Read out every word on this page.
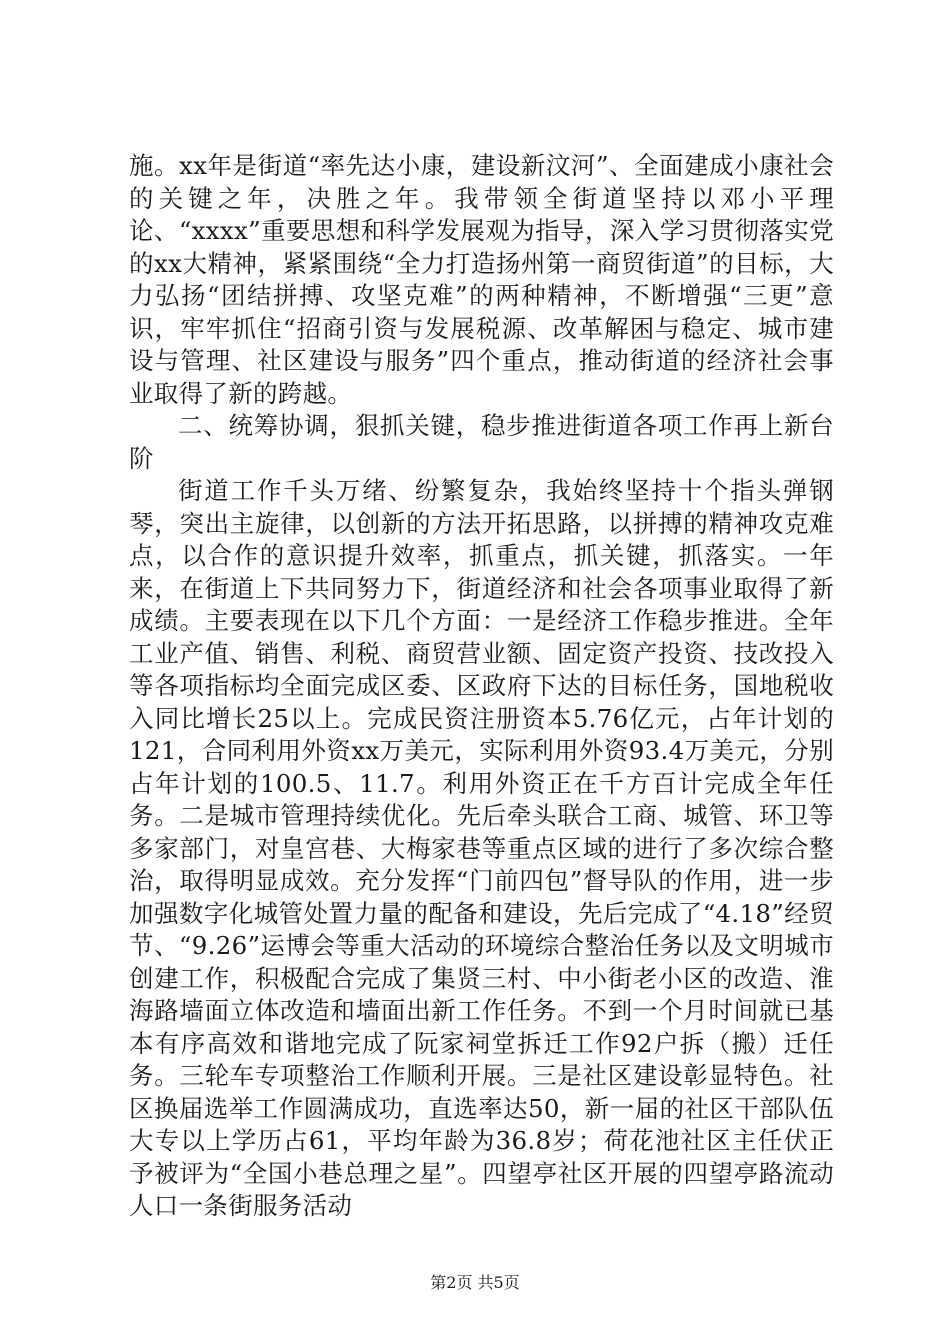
施。xx年是街道“率先达小康，建设新汶河”、全面建成小康社会的关键之年，决胜之年。我带领全街道坚持以邓小平理论、“xxxx”重要思想和科学发展观为指导，深入学习贯彻落实党的xx大精神，紧紧围绕“全力打造扬州第一商贸街道”的目标，大力弘扬“团结拼搏、攻坚克难”的两种精神，不断增强“三更”意识，牢牢抓住“招商引资与发展税源、改革解困与稳定、城市建设与管理、社区建设与服务”四个重点，推动街道的经济社会事业取得了新的跨越。

二、统筹协调，狠抓关键，稳步推进街道各项工作再上新台阶

街道工作千头万绪、纷繁复杂，我始终坚持十个指头弹钢琴，突出主旋律，以创新的方法开拓思路，以拼搏的精神攻克难点，以合作的意识提升效率，抓重点，抓关键，抓落实。一年来，在街道上下共同努力下，街道经济和社会各项事业取得了新成绩。主要表现在以下几个方面：一是经济工作稳步推进。全年工业产值、销售、利税、商贸营业额、固定资产投资、技改投入等各项指标均全面完成区委、区政府下达的目标任务，国地税收入同比增长25以上。完成民资注册资本5.76亿元，占年计划的121，合同利用外资xx万美元，实际利用外资93.4万美元，分别占年计划的100.5、11.7。利用外资正在千方百计完成全年任务。二是城市管理持续优化。先后牵头联合工商、城管、环卫等多家部门，对皇宫巷、大梅家巷等重点区域的进行了多次综合整治，取得明显成效。充分发挥“门前四包”督导队的作用，进一步加强数字化城管处置力量的配备和建设，先后完成了“4.18”经贸节、“9.26”运博会等重大活动的环境综合整治任务以及文明城市创建工作，积极配合完成了集贤三村、中小街老小区的改造、淮海路墙面立体改造和墙面出新工作任务。不到一个月时间就已基本有序高效和谐地完成了阮家祠堂拆迁工作92户拆（搬）迁任务。三轮车专项整治工作顺利开展。三是社区建设彰显特色。社区换届选举工作圆满成功，直选率达50，新一届的社区干部队伍大专以上学历占61，平均年龄为36.8岁；荷花池社区主任伏正予被评为“全国小巷总理之星”。四望亭社区开展的四望亭路流动人口一条街服务活动

第2页 共5页
